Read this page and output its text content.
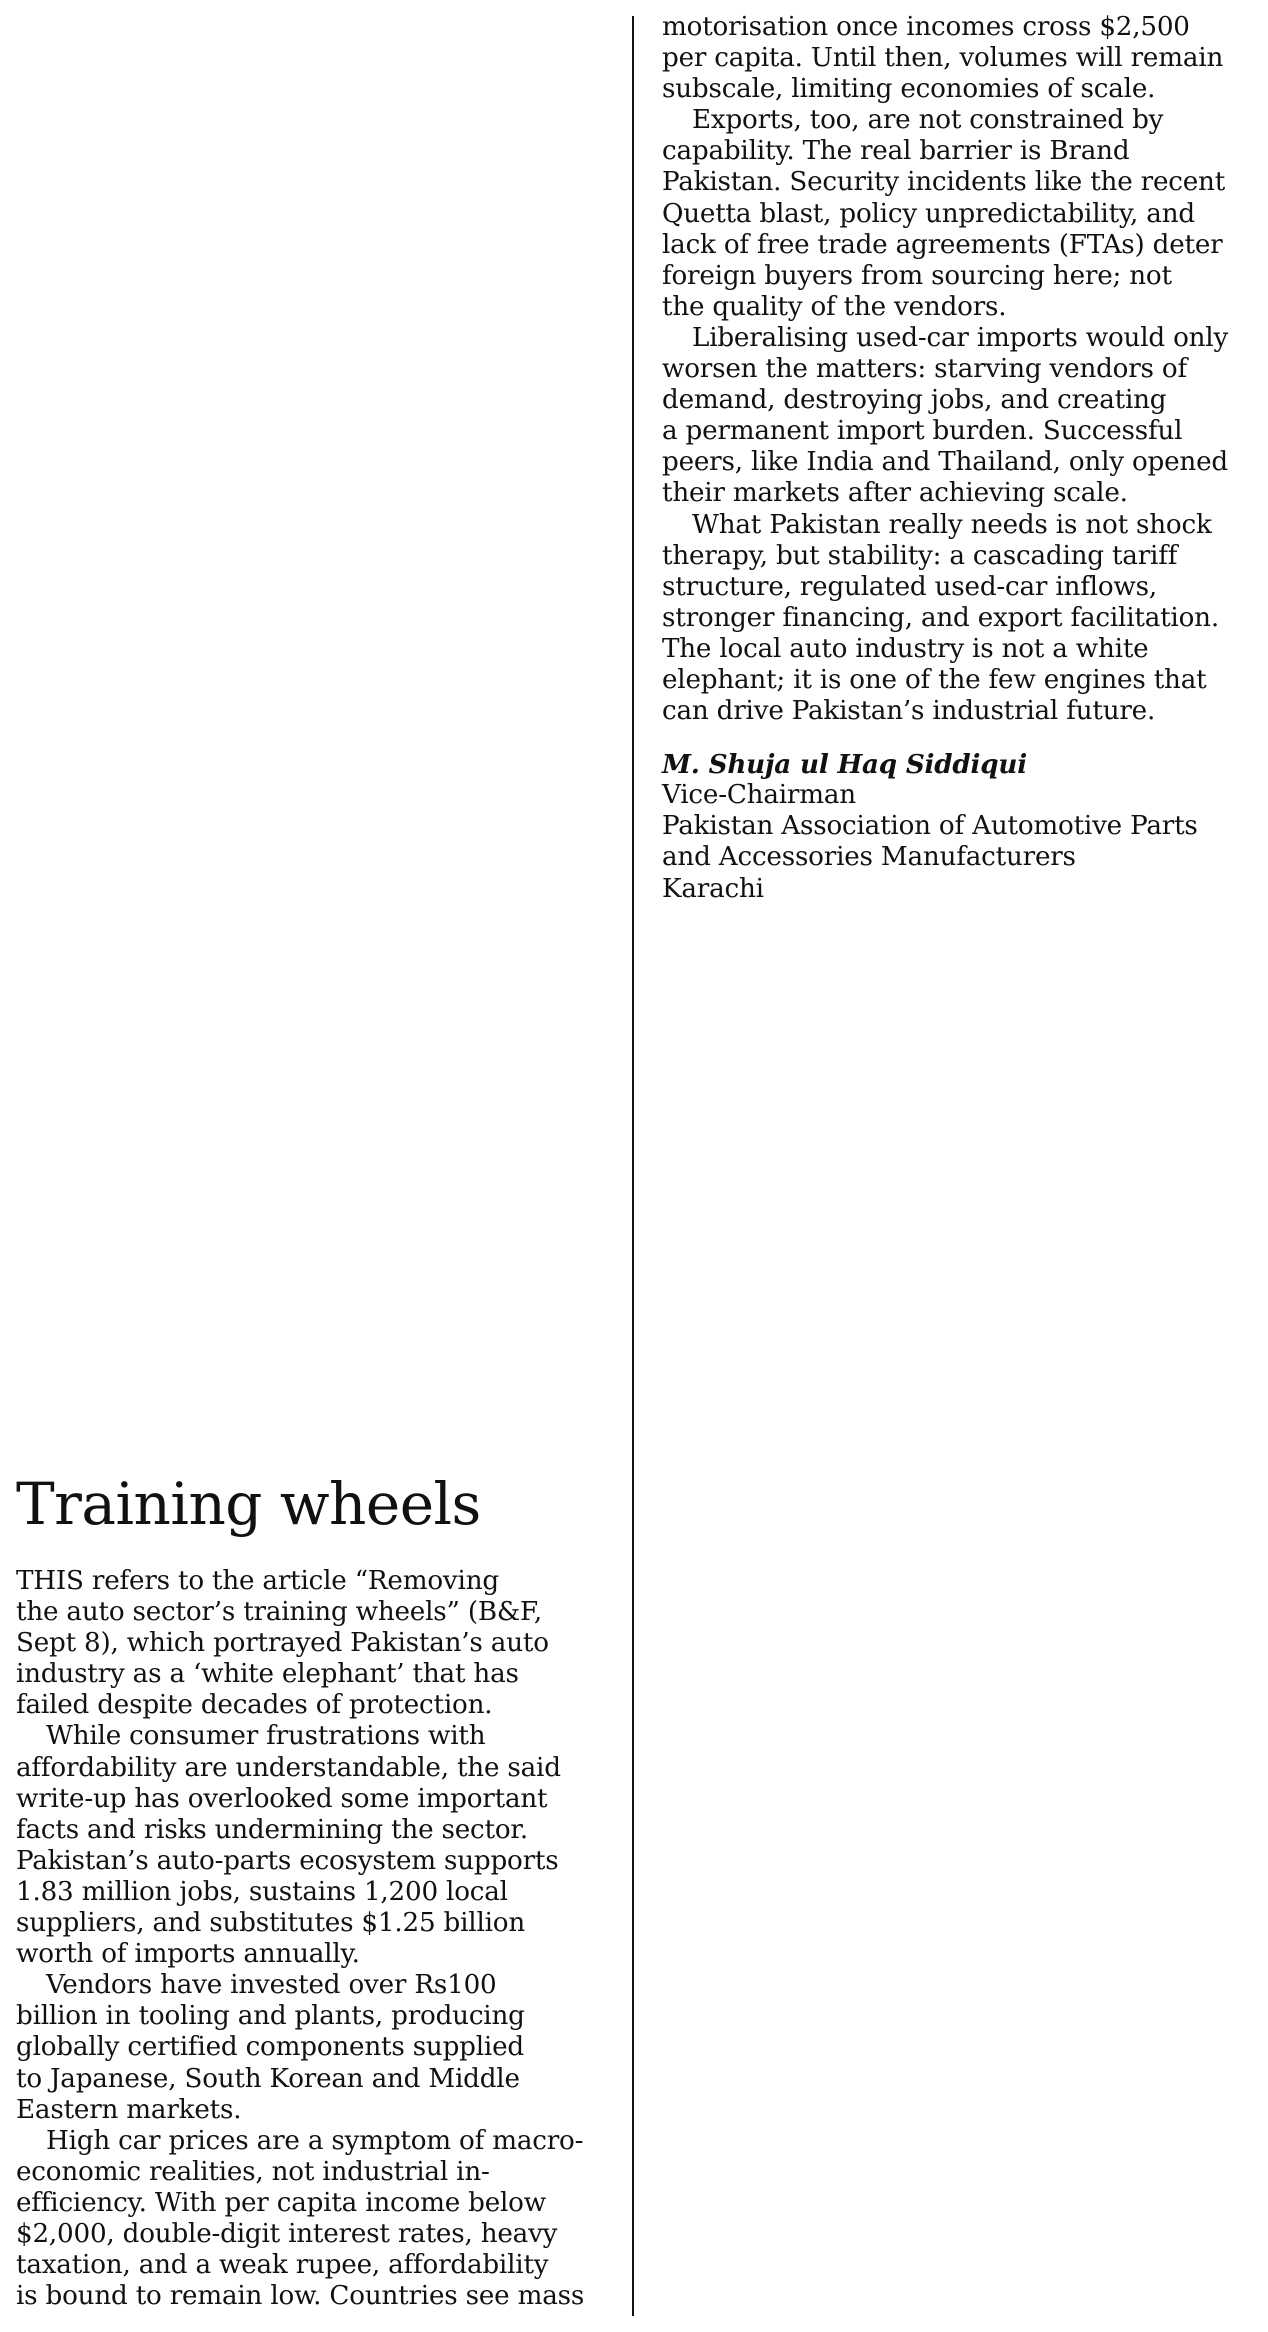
motorisation once incomes cross $2,500
per capita. Until then, volumes will remain
subscale, limiting economies of scale.
Exports, too, are not constrained by
capability. The real barrier is Brand
Pakistan. Security incidents like the recent
Quetta blast, policy unpredictability, and
lack of free trade agreements (FTAs) deter
foreign buyers from sourcing here; not
the quality of the vendors.
Liberalising used-car imports would only
worsen the matters: starving vendors of
demand, destroying jobs, and creating
a permanent import burden. Successful
peers, like India and Thailand, only opened
their markets after achieving scale.
What Pakistan really needs is not shock
therapy, but stability: a cascading tariff
structure, regulated used-car inflows,
stronger financing, and export facilitation.
The local auto industry is not a white
elephant; it is one of the few engines that
can drive Pakistan’s industrial future.
M. Shuja ul Haq Siddiqui
Vice-Chairman
Pakistan Association of Automotive Parts
and Accessories Manufacturers
Karachi
Training wheels
THIS refers to the article “Removing
the auto sector’s training wheels” (B&F,
Sept 8), which portrayed Pakistan’s auto
industry as a ‘white elephant’ that has
failed despite decades of protection.
While consumer frustrations with
affordability are understandable, the said
write-up has overlooked some important
facts and risks undermining the sector.
Pakistan’s auto-parts ecosystem supports
1.83 million jobs, sustains 1,200 local
suppliers, and substitutes $1.25 billion
worth of imports annually.
Vendors have invested over Rs100
billion in tooling and plants, producing
globally certified components supplied
to Japanese, South Korean and Middle
Eastern markets.
High car prices are a symptom of macro-
economic realities, not industrial in-
efficiency. With per capita income below
$2,000, double-digit interest rates, heavy
taxation, and a weak rupee, affordability
is bound to remain low. Countries see mass
